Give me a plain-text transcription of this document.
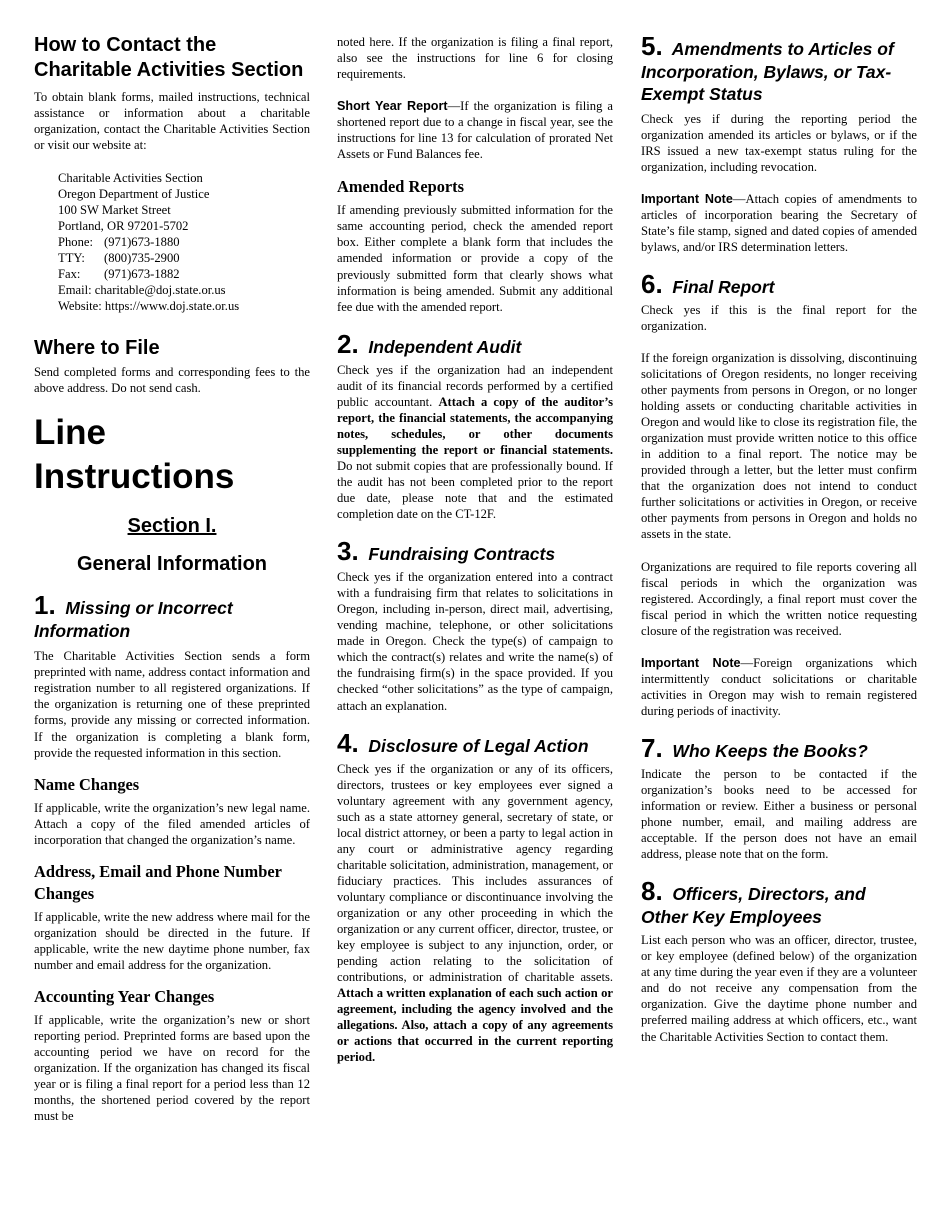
How to Contact the Charitable Activities Section

To obtain blank forms, mailed instructions, technical assistance or information about a charitable organization, contact the Charitable Activities Section or visit our website at:

Charitable Activities Section
Oregon Department of Justice
100 SW Market Street
Portland, OR 97201-5702
Phone: (971)673-1880
TTY: (800)735-2900
Fax: (971)673-1882
Email: charitable@doj.state.or.us
Website: https://www.doj.state.or.us
Where to File

Send completed forms and corresponding fees to the above address. Do not send cash.

Line Instructions
Section I.
General Information
1. Missing or Incorrect Information

The Charitable Activities Section sends a form preprinted with name, address contact information and registration number to all registered organizations. If the organization is returning one of these preprinted forms, provide any missing or corrected information. If the organization is completing a blank form, provide the requested information in this section.

Name Changes

If applicable, write the organization’s new legal name. Attach a copy of the filed amended articles of incorporation that changed the organization’s name.

Address, Email and Phone Number Changes

If applicable, write the new address where mail for the organization should be directed in the future. If applicable, write the new daytime phone number, fax number and email address for the organization.

Accounting Year Changes

If applicable, write the organization’s new or short reporting period. Preprinted forms are based upon the accounting period we have on record for the organization. If the organization has changed its fiscal year or is filing a final report for a period less than 12 months, the shortened period covered by the report must be

noted here. If the organization is filing a final report, also see the instructions for line 6 for closing requirements.

Short Year Report—If the organization is filing a shortened report due to a change in fiscal year, see the instructions for line 13 for calculation of prorated Net Assets or Fund Balances fee.

Amended Reports

If amending previously submitted information for the same accounting period, check the amended report box. Either complete a blank form that includes the amended information or provide a copy of the previously submitted form that clearly shows what information is being amended. Submit any additional fee due with the amended report.

2. Independent Audit

Check yes if the organization had an independent audit of its financial records performed by a certified public accountant. Attach a copy of the auditor’s report, the financial statements, the accompanying notes, schedules, or other documents supplementing the report or financial statements. Do not submit copies that are professionally bound. If the audit has not been completed prior to the report due date, please note that and the estimated completion date on the CT-12F.

3. Fundraising Contracts

Check yes if the organization entered into a contract with a fundraising firm that relates to solicitations in Oregon, including in-person, direct mail, advertising, vending machine, telephone, or other solicitations made in Oregon. Check the type(s) of campaign to which the contract(s) relates and write the name(s) of the fundraising firm(s) in the space provided. If you checked “other solicitations” as the type of campaign, attach an explanation.

4. Disclosure of Legal Action

Check yes if the organization or any of its officers, directors, trustees or key employees ever signed a voluntary agreement with any government agency, such as a state attorney general, secretary of state, or local district attorney, or been a party to legal action in any court or administrative agency regarding charitable solicitation, administration, management, or fiduciary practices. This includes assurances of voluntary compliance or discontinuance involving the organization or any other proceeding in which the organization or any current officer, director, trustee, or key employee is subject to any injunction, order, or pending action relating to the solicitation of contributions, or administration of charitable assets. Attach a written explanation of each such action or agreement, including the agency involved and the allegations. Also, attach a copy of any agreements or actions that occurred in the current reporting period.

5. Amendments to Articles of Incorporation, Bylaws, or Tax-Exempt Status

Check yes if during the reporting period the organization amended its articles or bylaws, or if the IRS issued a new tax-exempt status ruling for the organization, including revocation.

Important Note—Attach copies of amendments to articles of incorporation bearing the Secretary of State’s file stamp, signed and dated copies of amended bylaws, and/or IRS determination letters.

6. Final Report

Check yes if this is the final report for the organization.

If the foreign organization is dissolving, discontinuing solicitations of Oregon residents, no longer receiving other payments from persons in Oregon, or no longer holding assets or conducting charitable activities in Oregon and would like to close its registration file, the organization must provide written notice to this office in addition to a final report. The notice may be provided through a letter, but the letter must confirm that the organization does not intend to conduct further solicitations or activities in Oregon, or receive other payments from persons in Oregon and holds no assets in the state.

Organizations are required to file reports covering all fiscal periods in which the organization was registered. Accordingly, a final report must cover the fiscal period in which the written notice requesting closure of the registration was received.

Important Note—Foreign organizations which intermittently conduct solicitations or charitable activities in Oregon may wish to remain registered during periods of inactivity.

7. Who Keeps the Books?

Indicate the person to be contacted if the organization’s books need to be accessed for information or review. Either a business or personal phone number, email, and mailing address are acceptable. If the person does not have an email address, please note that on the form.

8. Officers, Directors, and Other Key Employees

List each person who was an officer, director, trustee, or key employee (defined below) of the organization at any time during the year even if they are a volunteer and do not receive any compensation from the organization. Give the daytime phone number and preferred mailing address at which officers, etc., want the Charitable Activities Section to contact them.
